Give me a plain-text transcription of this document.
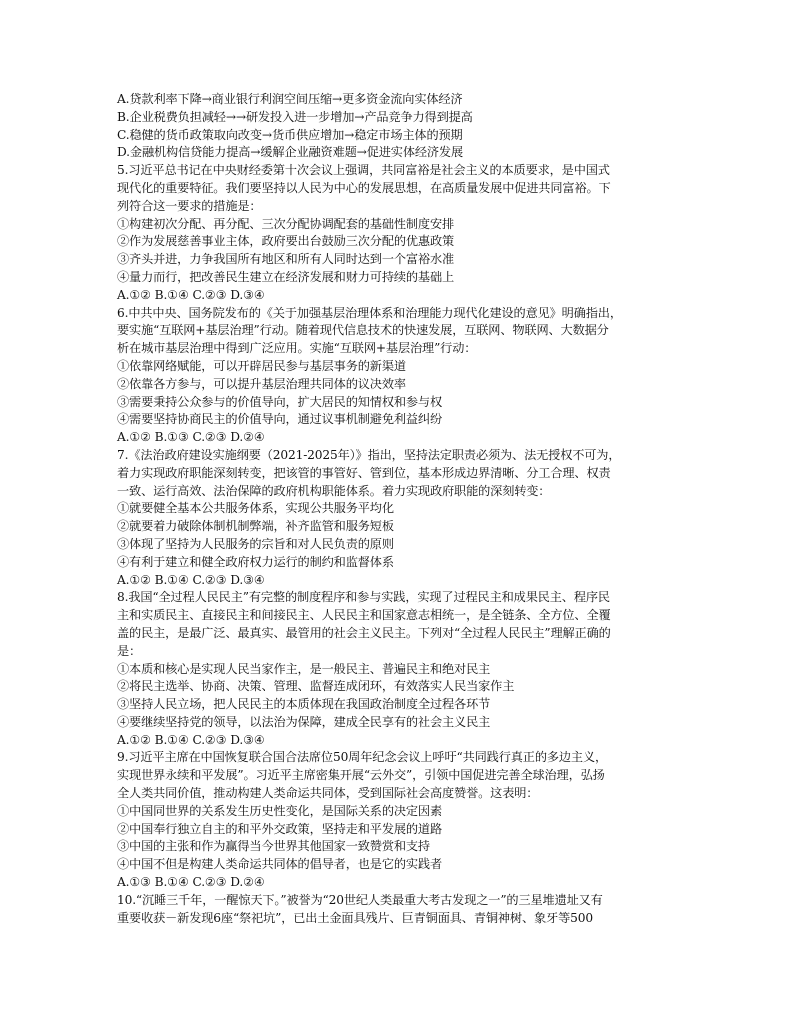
A.贷款利率下降→商业银行利润空间压缩→更多资金流向实体经济
B.企业税费负担减轻→→研发投入进一步增加→产品竞争力得到提高
C.稳健的货币政策取向改变→货币供应增加→稳定市场主体的预期
D.金融机构信贷能力提高→缓解企业融资难题→促进实体经济发展
5.习近平总书记在中央财经委第十次会议上强调，共同富裕是社会主义的本质要求，是中国式
现代化的重要特征。我们要坚持以人民为中心的发展思想，在高质量发展中促进共同富裕。下
列符合这一要求的措施是：
①构建初次分配、再分配、三次分配协调配套的基础性制度安排
②作为发展慈善事业主体，政府要出台鼓励三次分配的优惠政策
③齐头并进，力争我国所有地区和所有人同时达到一个富裕水准
④量力而行，把改善民生建立在经济发展和财力可持续的基础上
A.①② B.①④ C.②③ D.③④
6.中共中央、国务院发布的《关于加强基层治理体系和治理能力现代化建设的意见》明确指出，
要实施“互联网+基层治理”行动。随着现代信息技术的快速发展，互联网、物联网、大数据分
析在城市基层治理中得到广泛应用。实施“互联网+基层治理”行动：
①依靠网络赋能，可以开辟居民参与基层事务的新渠道
②依靠各方参与，可以提升基层治理共同体的议决效率
③需要秉持公众参与的价值导向，扩大居民的知情权和参与权
④需要坚持协商民主的价值导向，通过议事机制避免利益纠纷
A.①② B.①③ C.②③ D.②④
7.《法治政府建设实施纲要（2021-2025年）》指出，坚持法定职责必须为、法无授权不可为，
着力实现政府职能深刻转变，把该管的事管好、管到位，基本形成边界清晰、分工合理、权责
一致、运行高效、法治保障的政府机构职能体系。着力实现政府职能的深刻转变：
①就要健全基本公共服务体系，实现公共服务平均化
②就要着力破除体制机制弊端，补齐监管和服务短板
③体现了坚持为人民服务的宗旨和对人民负责的原则
④有利于建立和健全政府权力运行的制约和监督体系
A.①② B.①④ C.②③ D.③④
8.我国“全过程人民民主”有完整的制度程序和参与实践，实现了过程民主和成果民主、程序民
主和实质民主、直接民主和间接民主、人民民主和国家意志相统一，是全链条、全方位、全覆
盖的民主，是最广泛、最真实、最管用的社会主义民主。下列对“全过程人民民主”理解正确的
是：
①本质和核心是实现人民当家作主，是一般民主、普遍民主和绝对民主
②将民主选举、协商、决策、管理、监督连成闭环，有效落实人民当家作主
③坚持人民立场，把人民民主的本质体现在我国政治制度全过程各环节
④要继续坚持党的领导，以法治为保障，建成全民享有的社会主义民主
A.①② B.①④ C.②③ D.③④
9.习近平主席在中国恢复联合国合法席位50周年纪念会议上呼吁“共同践行真正的多边主义，
实现世界永续和平发展”。习近平主席密集开展“云外交”，引领中国促进完善全球治理，弘扬
全人类共同价值，推动构建人类命运共同体，受到国际社会高度赞誉。这表明：
①中国同世界的关系发生历史性变化，是国际关系的决定因素
②中国奉行独立自主的和平外交政策，坚持走和平发展的道路
③中国的主张和作为赢得当今世界其他国家一致赞赏和支持
④中国不但是构建人类命运共同体的倡导者，也是它的实践者
A.①③ B.①④ C.②③ D.②④
10.“沉睡三千年，一醒惊天下。”被誉为“20世纪人类最重大考古发现之一”的三星堆遗址又有
重要收获－新发现6座“祭祀坑”，已出土金面具残片、巨青铜面具、青铜神树、象牙等500
